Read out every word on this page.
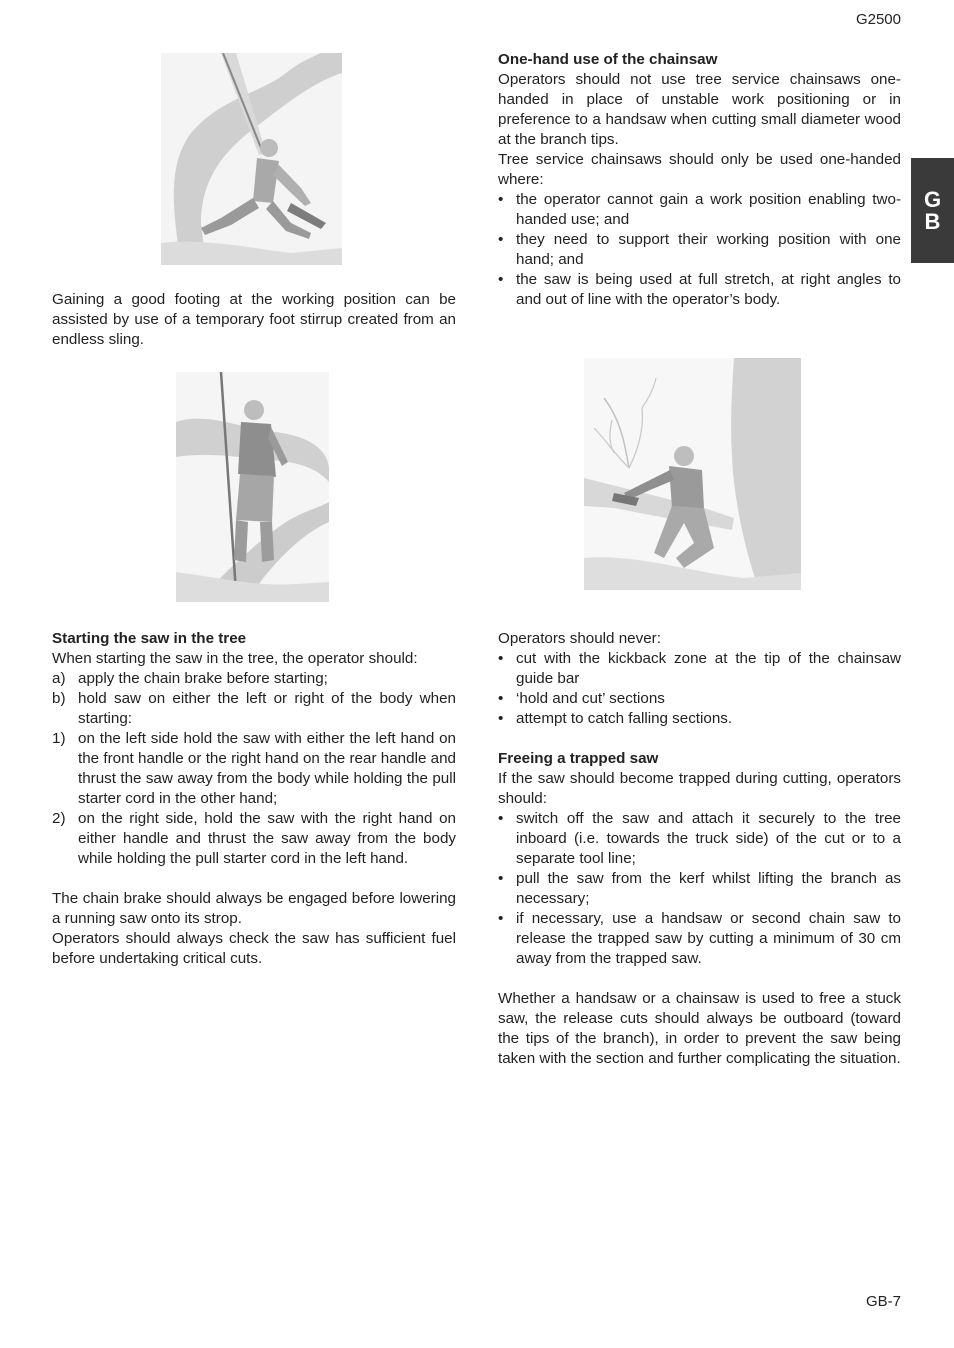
G2500
GB-7
G
B

Gaining a good footing at the working position can be assisted by use of a temporary foot stirrup created from an endless sling.

One-hand use of the chainsaw

Operators should not use tree service chainsaws one-handed in place of unstable work positioning or in preference to a handsaw when cutting small diameter wood at the branch tips.

Tree service chainsaws should only be used one-handed where:

• the operator cannot gain a work position enabling two-handed use; and
• they need to support their working position with one hand; and
• the saw is being used at full stretch, at right angles to and out of line with the operator’s body.

Starting the saw in the tree

When starting the saw in the tree, the operator should:

a) apply the chain brake before starting;
b) hold saw on either the left or right of the body when starting:
1) on the left side hold the saw with either the left hand on the front handle or the right hand on the rear handle and thrust the saw away from the body while holding the pull starter cord in the other hand;
2) on the right side, hold the saw with the right hand on either handle and thrust the saw away from the body while holding the pull starter cord in the left hand.

The chain brake should always be engaged before lowering a running saw onto its strop.

Operators should always check the saw has sufficient fuel before undertaking critical cuts.

Operators should never:

• cut with the kickback zone at the tip of the chainsaw guide bar
• ‘hold and cut’ sections
• attempt to catch falling sections.

Freeing a trapped saw

If the saw should become trapped during cutting, operators should:

• switch off the saw and attach it securely to the tree inboard (i.e. towards the truck side) of the cut or to a separate tool line;
• pull the saw from the kerf whilst lifting the branch as necessary;
• if necessary, use a handsaw or second chain saw to release the trapped saw by cutting a minimum of 30 cm away from the trapped saw.

Whether a handsaw or a chainsaw is used to free a stuck saw, the release cuts should always be outboard (toward the tips of the branch), in order to prevent the saw being taken with the section and further complicating the situation.
